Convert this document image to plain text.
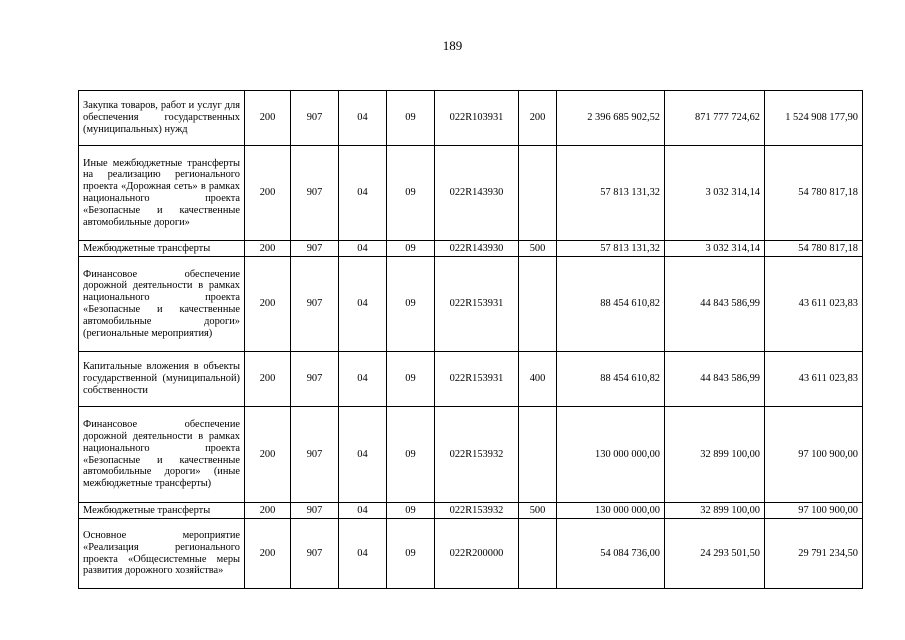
189
Закупка товаров, работ и услуг для обеспечения государственных (муниципальных) нужд	200	907	04	09	022R103931	200	2 396 685 902,52	871 777 724,62	1 524 908 177,90
Иные межбюджетные трансферты на реализацию регионального проекта «Дорожная сеть» в рамках национального проекта «Безопасные и качественные автомобильные дороги»	200	907	04	09	022R143930		57 813 131,32	3 032 314,14	54 780 817,18
Межбюджетные трансферты	200	907	04	09	022R143930	500	57 813 131,32	3 032 314,14	54 780 817,18
Финансовое обеспечение дорожной деятельности в рамках национального проекта «Безопасные и качественные автомобильные дороги» (региональные мероприятия)	200	907	04	09	022R153931		88 454 610,82	44 843 586,99	43 611 023,83
Капитальные вложения в объекты государственной (муниципальной) собственности	200	907	04	09	022R153931	400	88 454 610,82	44 843 586,99	43 611 023,83
Финансовое обеспечение дорожной деятельности в рамках национального проекта «Безопасные и качественные автомобильные дороги» (иные межбюджетные трансферты)	200	907	04	09	022R153932		130 000 000,00	32 899 100,00	97 100 900,00
Межбюджетные трансферты	200	907	04	09	022R153932	500	130 000 000,00	32 899 100,00	97 100 900,00
Основное мероприятие «Реализация регионального проекта «Общесистемные меры развития дорожного хозяйства»	200	907	04	09	022R200000		54 084 736,00	24 293 501,50	29 791 234,50
